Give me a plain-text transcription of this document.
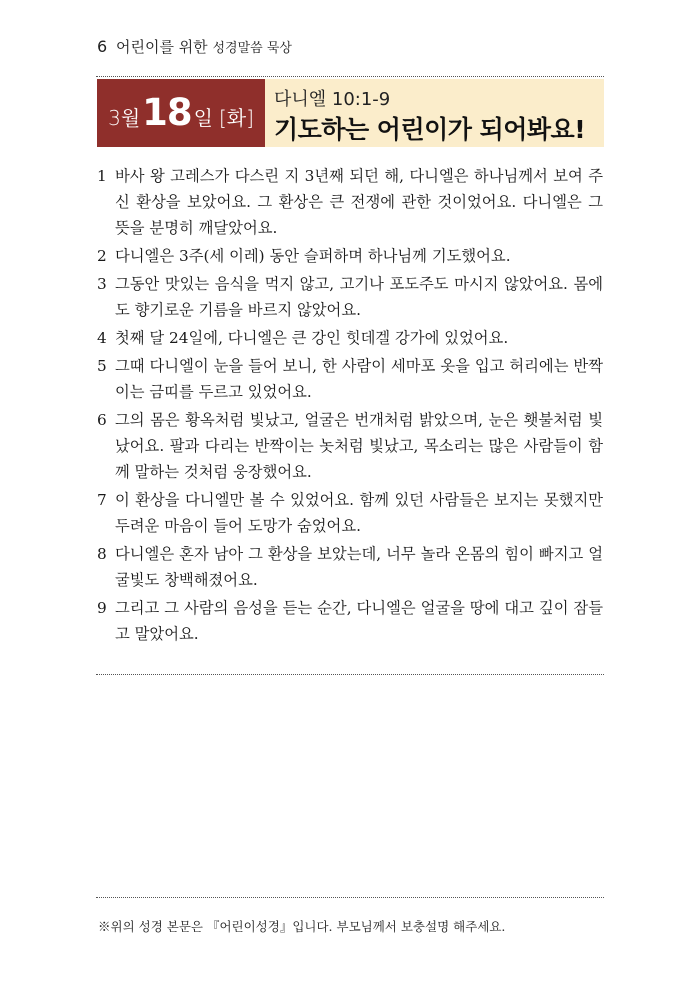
6 어린이를 위한 성경말씀 묵상
3월 18 일 [화]
다니엘 10:1-9
기도하는 어린이가 되어봐요!
1 바사 왕 고레스가 다스린 지 3년째 되던 해, 다니엘은 하나님께서 보여 주신 환상을 보았어요. 그 환상은 큰 전쟁에 관한 것이었어요. 다니엘은 그 뜻을 분명히 깨달았어요.
2 다니엘은 3주(세 이레) 동안 슬퍼하며 하나님께 기도했어요.
3 그동안 맛있는 음식을 먹지 않고, 고기나 포도주도 마시지 않았어요. 몸에도 향기로운 기름을 바르지 않았어요.
4 첫째 달 24일에, 다니엘은 큰 강인 힛데겔 강가에 있었어요.
5 그때 다니엘이 눈을 들어 보니, 한 사람이 세마포 옷을 입고 허리에는 반짝이는 금띠를 두르고 있었어요.
6 그의 몸은 황옥처럼 빛났고, 얼굴은 번개처럼 밝았으며, 눈은 횃불처럼 빛났어요. 팔과 다리는 반짝이는 놋처럼 빛났고, 목소리는 많은 사람들이 함께 말하는 것처럼 웅장했어요.
7 이 환상을 다니엘만 볼 수 있었어요. 함께 있던 사람들은 보지는 못했지만 두려운 마음이 들어 도망가 숨었어요.
8 다니엘은 혼자 남아 그 환상을 보았는데, 너무 놀라 온몸의 힘이 빠지고 얼굴빛도 창백해졌어요.
9 그리고 그 사람의 음성을 듣는 순간, 다니엘은 얼굴을 땅에 대고 깊이 잠들고 말았어요.
※위의 성경 본문은 『어린이성경』입니다. 부모님께서 보충설명 해주세요.
